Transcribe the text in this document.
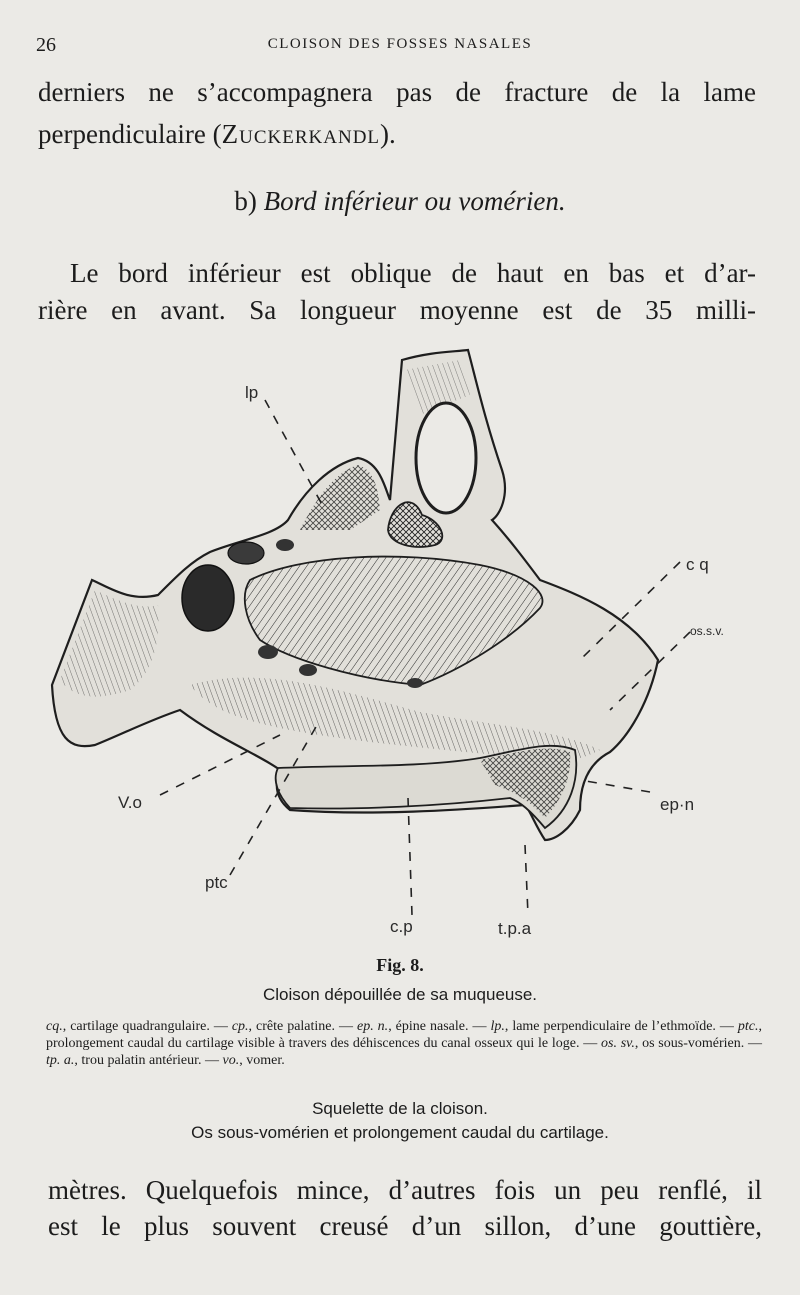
26	CLOISON DES FOSSES NASALES
derniers ne s’accompagnera pas de fracture de la lame
perpendiculaire (Zuckerkandl).
b) Bord inférieur ou vomérien.
Le bord inférieur est oblique de haut en bas et d’ar-
rière en avant. Sa longueur moyenne est de 35 milli-
lp
c q
os.s.v.
V.o	ep·n
ptc
c.p	t.p.a
Fig. 8.
Cloison dépouillée de sa muqueuse.
cq., cartilage quadrangulaire. — cp., crête palatine. — ep. n., épine nasale. — lp., lame perpendiculaire de l’ethmoïde. — ptc., prolongement caudal du cartilage visible à travers des déhiscences du canal osseux qui le loge. — os. sv., os sous-vomérien. — tp. a., trou palatin antérieur. — vo., vomer.
Squelette de la cloison.
Os sous-vomérien et prolongement caudal du cartilage.
mètres. Quelquefois mince, d’autres fois un peu renflé, il
est le plus souvent creusé d’un sillon, d’une gouttière,
